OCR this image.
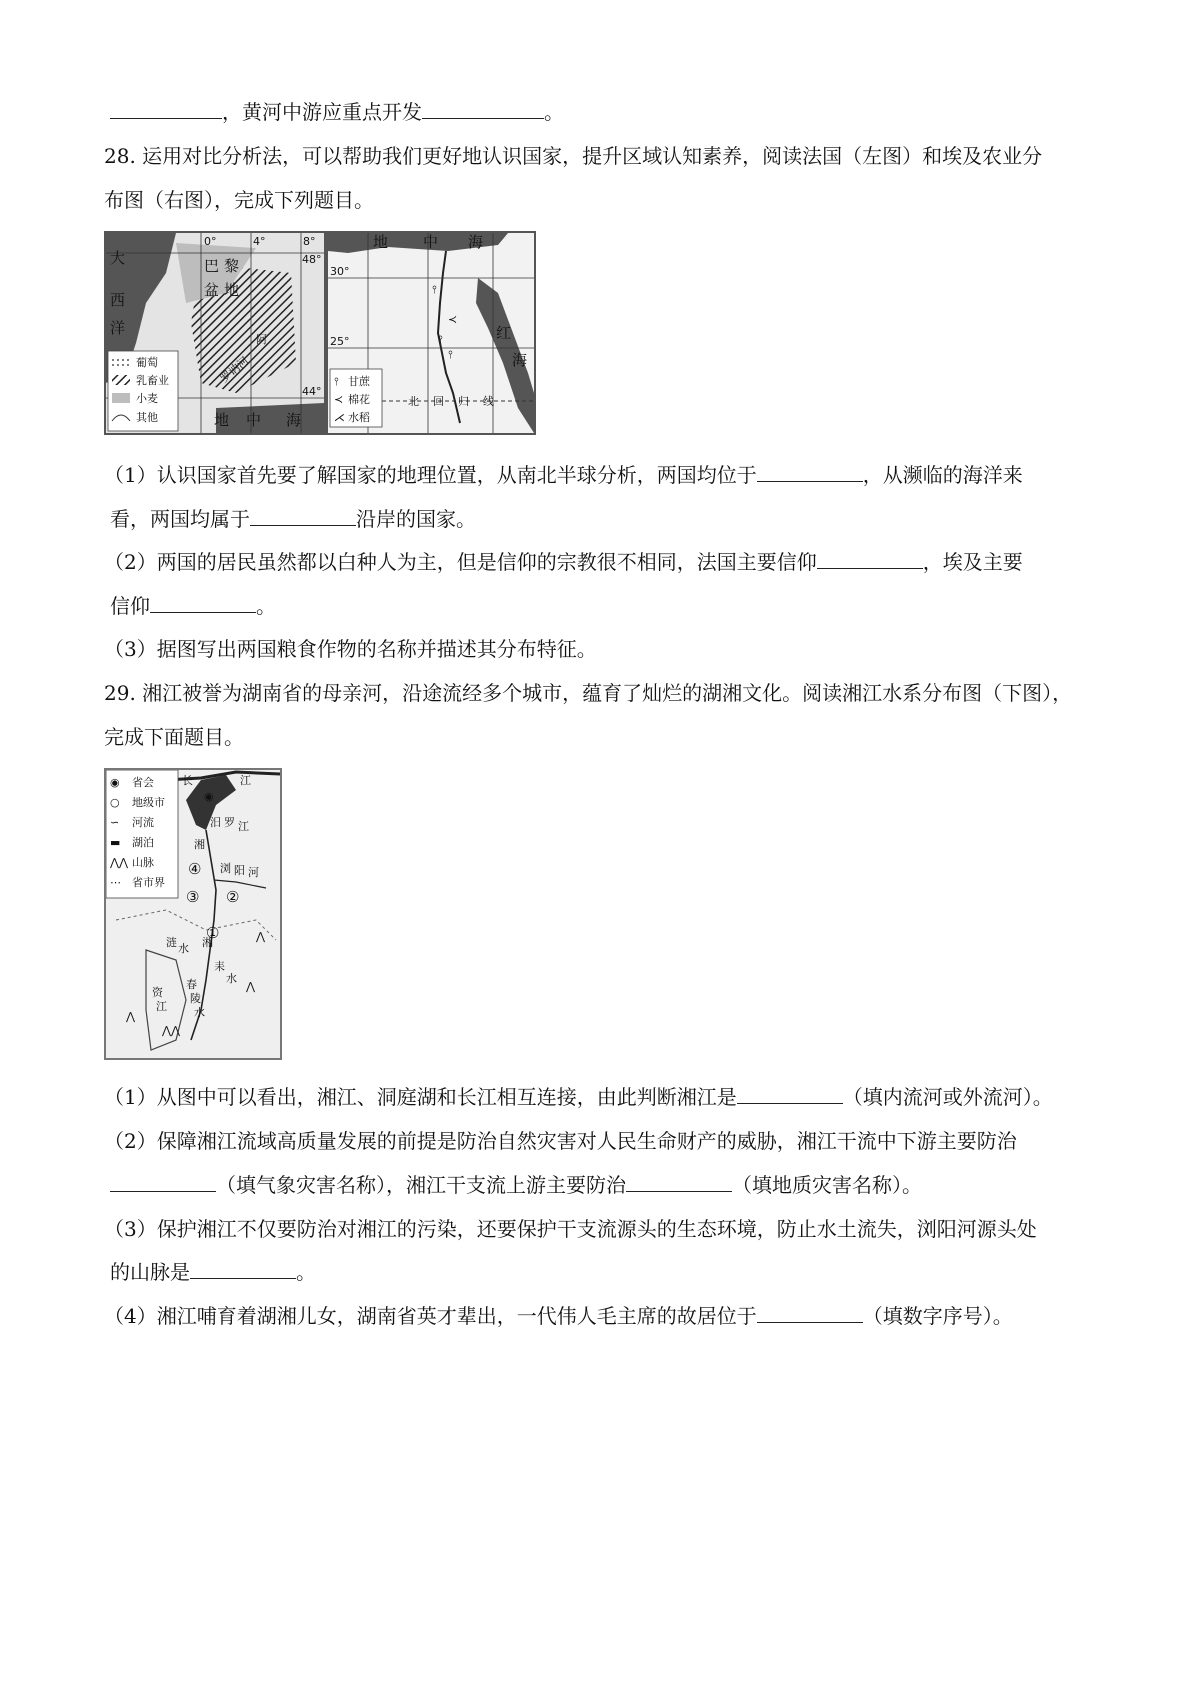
，黄河中游应重点开发	。
28. 运用对比分析法，可以帮助我们更好地认识国家，提升区域认知素养，阅读法国（左图）和埃及农业分
布图（右图），完成下列题目。
大
西
洋
巴 黎
盆 地
0°	4°	8°
48°
44°
阿
罗讷河
地 中 海
葡萄
乳畜业
小麦
其他
30°
25°
地 中 海
红
海
北 回 归 线
⫯
≺
⫯
⫯
⫯
≺
⋌
甘蔗
棉花
水稻
（1）认识国家首先要了解国家的地理位置，从南北半球分析，两国均位于	，从濒临的海洋来
看，两国均属于	沿岸的国家。
（2）两国的居民虽然都以白种人为主，但是信仰的宗教很不相同，法国主要信仰	，埃及主要
信仰	。
（3）据图写出两国粮食作物的名称并描述其分布特征。
29. 湘江被誉为湖南省的母亲河，沿途流经多个城市，蕴育了灿烂的湖湘文化。阅读湘江水系分布图（下图），
完成下面题目。
⋀⋀
⋀
⋀
⋀
◉
○
∽
▬
⋀⋀
⋯
省会
地级市
河流
湖泊
山脉
省市界
长	江
汨 罗 江
湘
浏 阳 河
湘
涟 水
耒
水
春
陵
水
资
江
④
③ ②
①
◉
（1）从图中可以看出，湘江、洞庭湖和长江相互连接，由此判断湘江是	（填内流河或外流河）。
（2）保障湘江流域高质量发展的前提是防治自然灾害对人民生命财产的威胁，湘江干流中下游主要防治
（填气象灾害名称），湘江干支流上游主要防治	（填地质灾害名称）。
（3）保护湘江不仅要防治对湘江的污染，还要保护干支流源头的生态环境，防止水土流失，浏阳河源头处
的山脉是	。
（4）湘江哺育着湖湘儿女，湖南省英才辈出，一代伟人毛主席的故居位于	（填数字序号）。
